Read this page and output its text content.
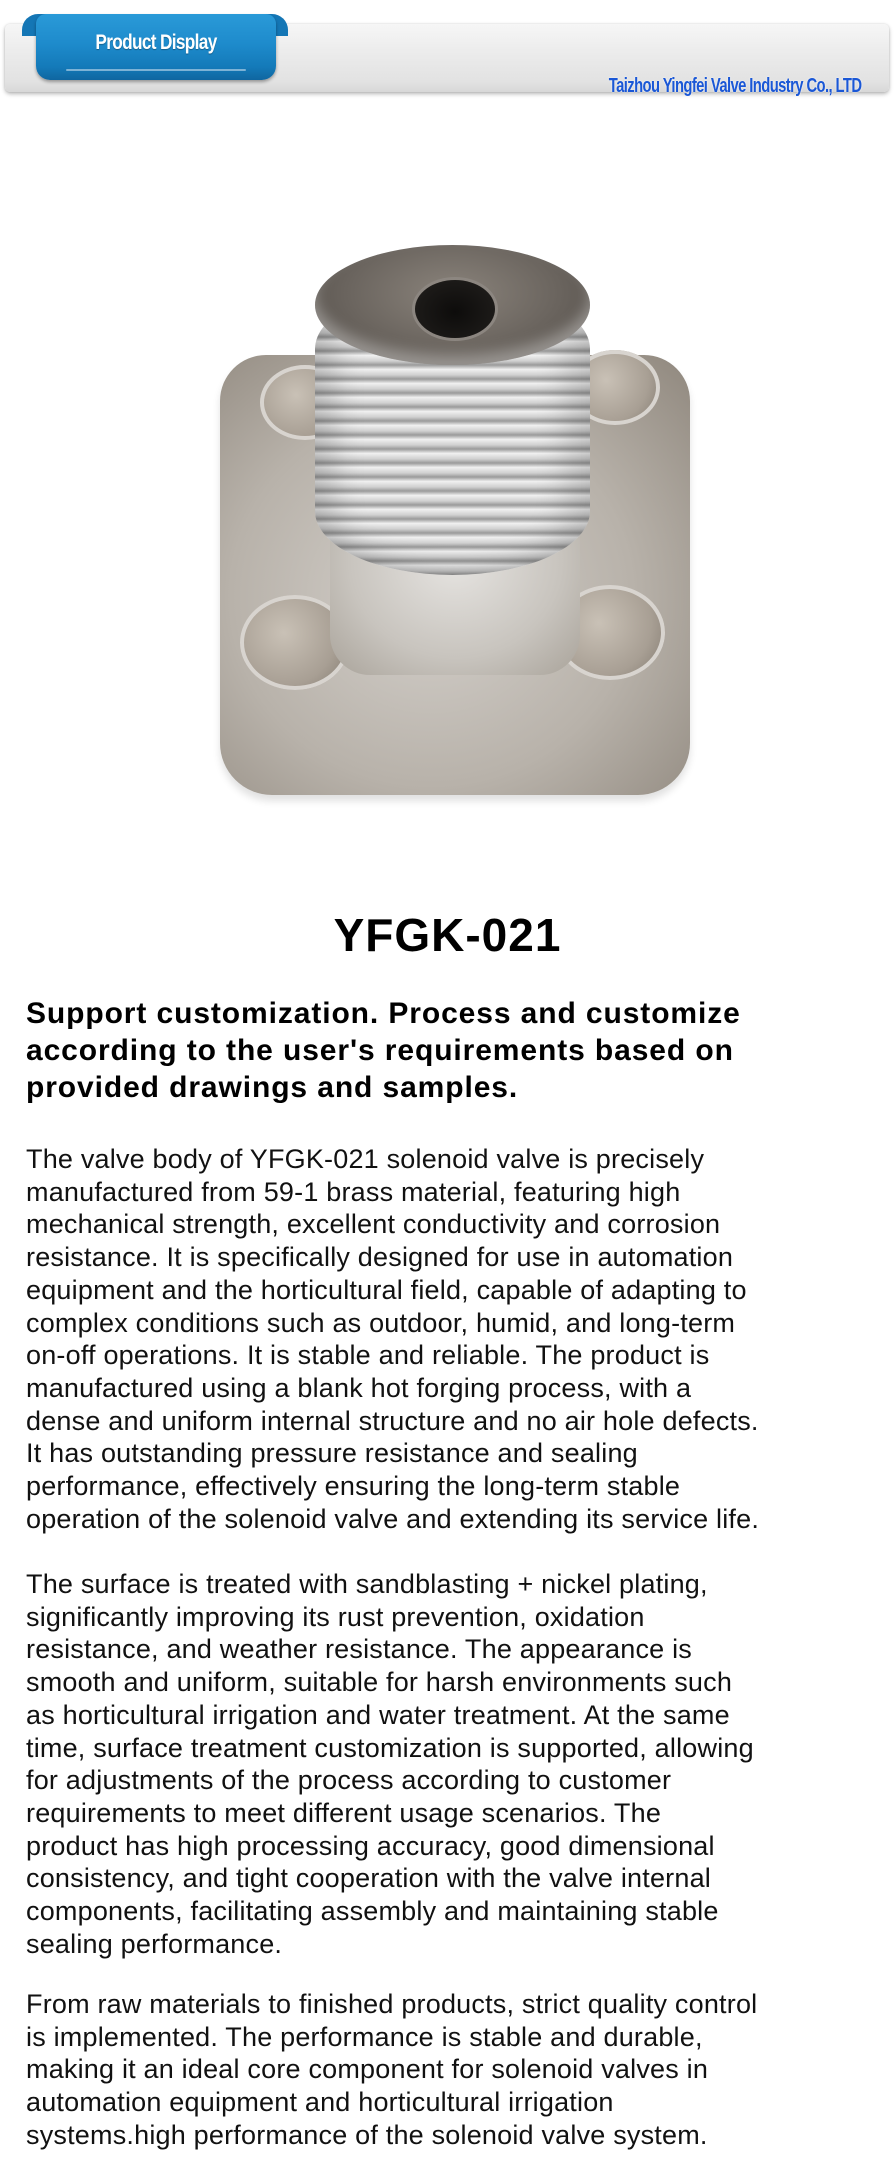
Taizhou Yingfei Valve Industry Co., LTD
Product Display
YFGK-021
Support customization. Process and customize according to the user's requirements based on provided drawings and samples.
The valve body of YFGK-021 solenoid valve is precisely
manufactured from 59-1 brass material, featuring high
mechanical strength, excellent conductivity and corrosion
resistance. It is specifically designed for use in automation
equipment and the horticultural field, capable of adapting to
complex conditions such as outdoor, humid, and long-term
on-off operations. It is stable and reliable. The product is
manufactured using a blank hot forging process, with a
dense and uniform internal structure and no air hole defects.
It has outstanding pressure resistance and sealing
performance, effectively ensuring the long-term stable
operation of the solenoid valve and extending its service life.
The surface is treated with sandblasting + nickel plating,
significantly improving its rust prevention, oxidation
resistance, and weather resistance. The appearance is
smooth and uniform, suitable for harsh environments such
as horticultural irrigation and water treatment. At the same
time, surface treatment customization is supported, allowing
for adjustments of the process according to customer
requirements to meet different usage scenarios. The
product has high processing accuracy, good dimensional
consistency, and tight cooperation with the valve internal
components, facilitating assembly and maintaining stable
sealing performance.
From raw materials to finished products, strict quality control
is implemented. The performance is stable and durable,
making it an ideal core component for solenoid valves in
automation equipment and horticultural irrigation
systems.high performance of the solenoid valve system.
